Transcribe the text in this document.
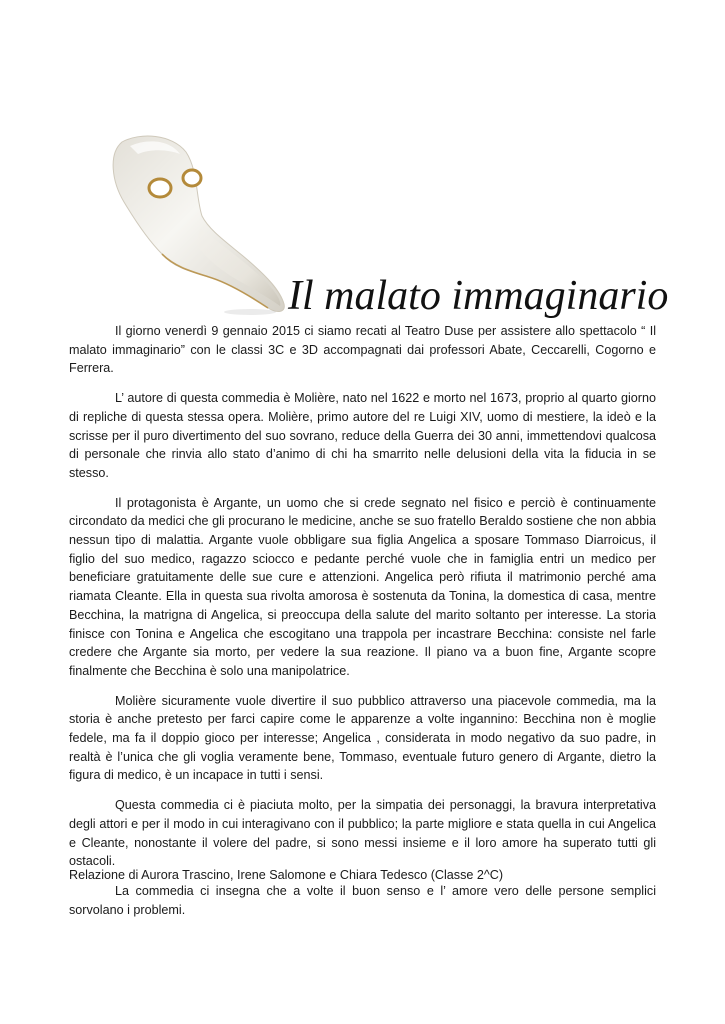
Il malato immaginario

Il giorno venerdì 9 gennaio 2015 ci siamo recati al Teatro Duse per assistere allo spettacolo “ Il malato immaginario” con le classi 3C e 3D accompagnati dai professori Abate, Ceccarelli, Cogorno e Ferrera.

L’ autore di questa commedia è Molière, nato nel 1622 e morto nel 1673, proprio al quarto giorno di repliche di questa stessa opera. Molière, primo autore del re Luigi XIV, uomo di mestiere, la ideò e la scrisse per il puro divertimento del suo sovrano, reduce della Guerra dei 30 anni, immettendovi qualcosa di personale che rinvia allo stato d’animo di chi ha smarrito nelle delusioni della vita la fiducia in se stesso.

Il protagonista è Argante, un uomo che si crede segnato nel fisico e perciò è continuamente circondato da medici che gli procurano le medicine, anche se suo fratello Beraldo sostiene che non abbia nessun tipo di malattia. Argante vuole obbligare sua figlia Angelica a sposare Tommaso Diarroicus, il figlio del suo medico, ragazzo sciocco e pedante perché vuole che in famiglia entri un medico per beneficiare gratuitamente delle sue cure e attenzioni. Angelica però rifiuta il matrimonio perché ama riamata Cleante. Ella in questa sua rivolta amorosa è sostenuta da Tonina, la domestica di casa, mentre Becchina, la matrigna di Angelica, si preoccupa della salute del marito soltanto per interesse. La storia finisce con Tonina e Angelica che escogitano una trappola per incastrare Becchina: consiste nel farle credere che Argante sia morto, per vedere la sua reazione. Il piano va a buon fine, Argante scopre finalmente che Becchina è solo una manipolatrice.

Molière sicuramente vuole divertire il suo pubblico attraverso una piacevole commedia, ma la storia è anche pretesto per farci capire come le apparenze a volte ingannino: Becchina non è moglie fedele, ma fa il doppio gioco per interesse; Angelica , considerata in modo negativo da suo padre, in realtà è l’unica che gli voglia veramente bene, Tommaso, eventuale futuro genero di Argante, dietro la figura di medico, è un incapace in tutti i sensi.

Questa commedia ci è piaciuta molto, per la simpatia dei personaggi, la bravura interpretativa degli attori e per il modo in cui interagivano con il pubblico; la parte migliore e stata quella in cui Angelica e Cleante, nonostante il volere del padre, si sono messi insieme e il loro amore ha superato tutti gli ostacoli.

La commedia ci insegna che a volte il buon senso e l’ amore vero delle persone semplici sorvolano i problemi.

Relazione di Aurora Trascino, Irene Salomone e Chiara Tedesco (Classe 2^C)
